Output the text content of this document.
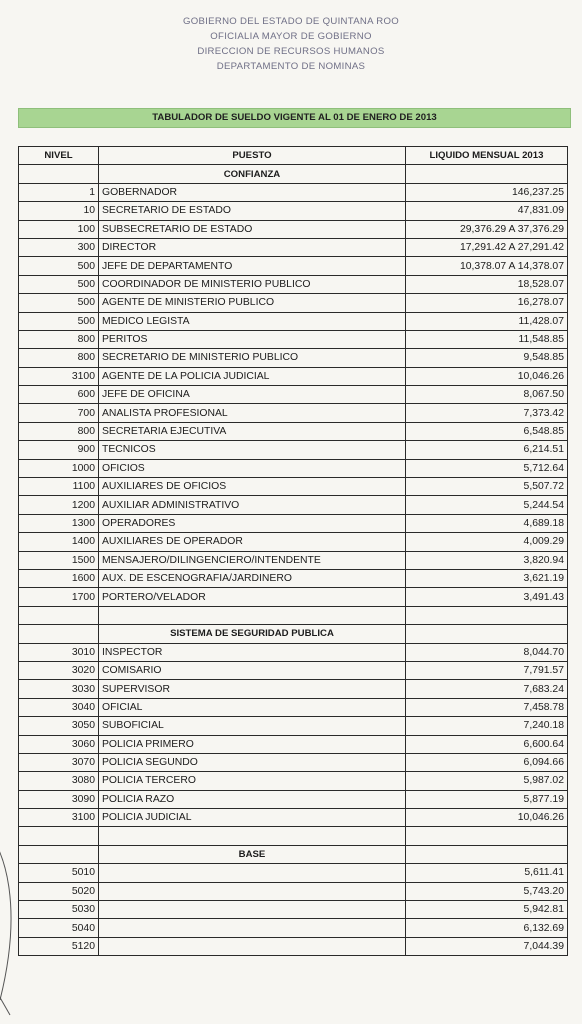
GOBIERNO DEL ESTADO DE QUINTANA ROO
OFICIALIA MAYOR DE GOBIERNO
DIRECCION DE RECURSOS HUMANOS
DEPARTAMENTO DE NOMINAS
TABULADOR DE SUELDO VIGENTE AL 01 DE ENERO DE 2013
NIVEL	PUESTO	LIQUIDO MENSUAL 2013
	CONFIANZA	
1	GOBERNADOR	146,237.25
10	SECRETARIO DE ESTADO	47,831.09
100	SUBSECRETARIO DE ESTADO	29,376.29 A 37,376.29
300	DIRECTOR	17,291.42 A 27,291.42
500	JEFE DE DEPARTAMENTO	10,378.07 A 14,378.07
500	COORDINADOR DE MINISTERIO PUBLICO	18,528.07
500	AGENTE DE MINISTERIO PUBLICO	16,278.07
500	MEDICO LEGISTA	11,428.07
800	PERITOS	11,548.85
800	SECRETARIO DE MINISTERIO PUBLICO	9,548.85
3100	AGENTE DE LA POLICIA JUDICIAL	10,046.26
600	JEFE DE OFICINA	8,067.50
700	ANALISTA PROFESIONAL	7,373.42
800	SECRETARIA EJECUTIVA	6,548.85
900	TECNICOS	6,214.51
1000	OFICIOS	5,712.64
1100	AUXILIARES DE OFICIOS	5,507.72
1200	AUXILIAR ADMINISTRATIVO	5,244.54
1300	OPERADORES	4,689.18
1400	AUXILIARES DE OPERADOR	4,009.29
1500	MENSAJERO/DILINGENCIERO/INTENDENTE	3,820.94
1600	AUX. DE ESCENOGRAFIA/JARDINERO	3,621.19
1700	PORTERO/VELADOR	3,491.43

	SISTEMA DE SEGURIDAD PUBLICA	
3010	INSPECTOR	8,044.70
3020	COMISARIO	7,791.57
3030	SUPERVISOR	7,683.24
3040	OFICIAL	7,458.78
3050	SUBOFICIAL	7,240.18
3060	POLICIA PRIMERO	6,600.64
3070	POLICIA SEGUNDO	6,094.66
3080	POLICIA TERCERO	5,987.02
3090	POLICIA RAZO	5,877.19
3100	POLICIA JUDICIAL	10,046.26

	BASE	
5010		5,611.41
5020		5,743.20
5030		5,942.81
5040		6,132.69
5120		7,044.39
